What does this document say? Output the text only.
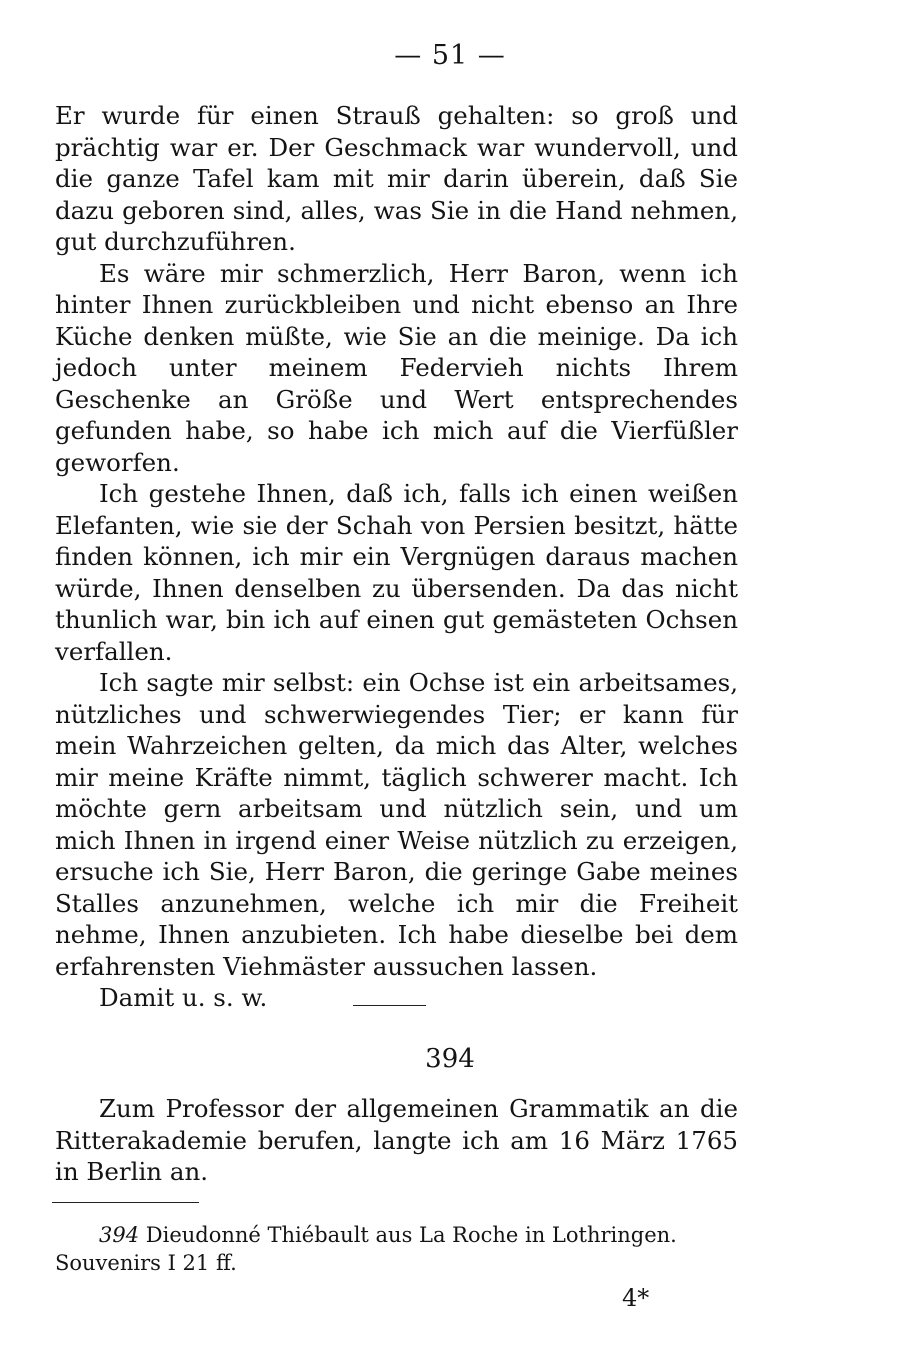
— 51 —

Er wurde für einen Strauß gehalten: so groß und prächtig war er. Der Geschmack war wundervoll, und die ganze Tafel kam mit mir darin überein, daß Sie dazu geboren sind, alles, was Sie in die Hand nehmen, gut durchzuführen.

Es wäre mir schmerzlich, Herr Baron, wenn ich hinter Ihnen zurückbleiben und nicht ebenso an Ihre Küche denken müßte, wie Sie an die meinige. Da ich jedoch unter meinem Federvieh nichts Ihrem Geschenke an Größe und Wert entsprechendes gefunden habe, so habe ich mich auf die Vierfüßler geworfen.

Ich gestehe Ihnen, daß ich, falls ich einen weißen Elefanten, wie sie der Schah von Persien besitzt, hätte finden können, ich mir ein Vergnügen daraus machen würde, Ihnen denselben zu übersenden. Da das nicht thunlich war, bin ich auf einen gut gemästeten Ochsen verfallen.

Ich sagte mir selbst: ein Ochse ist ein arbeitsames, nützliches und schwerwiegendes Tier; er kann für mein Wahrzeichen gelten, da mich das Alter, welches mir meine Kräfte nimmt, täglich schwerer macht. Ich möchte gern arbeitsam und nützlich sein, und um mich Ihnen in irgend einer Weise nützlich zu erzeigen, ersuche ich Sie, Herr Baron, die geringe Gabe meines Stalles anzunehmen, welche ich mir die Freiheit nehme, Ihnen anzubieten. Ich habe dieselbe bei dem erfahrensten Viehmäster aussuchen lassen.

Damit u. s. w.

394

Zum Professor der allgemeinen Grammatik an die Ritterakademie berufen, langte ich am 16 März 1765 in Berlin an.

394 Dieudonné Thiébault aus La Roche in Lothringen. Souvenirs I 21 ff.

4*
